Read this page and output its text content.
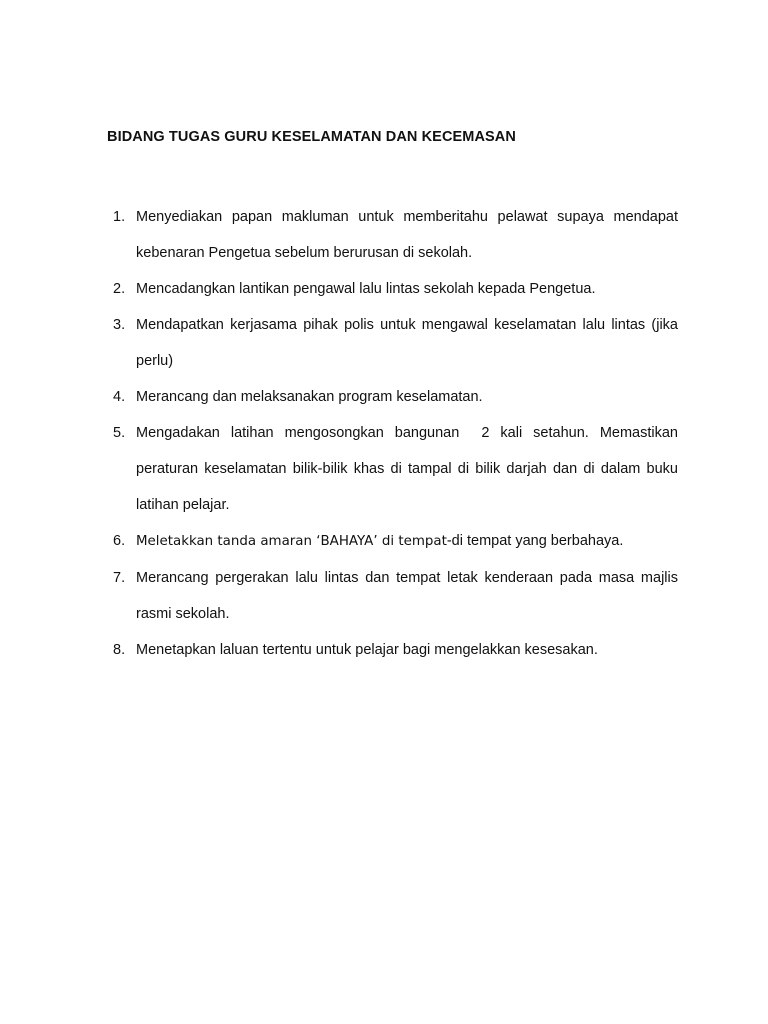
BIDANG TUGAS GURU KESELAMATAN DAN KECEMASAN
1. Menyediakan papan makluman untuk memberitahu pelawat supaya mendapat kebenaran Pengetua sebelum berurusan di sekolah.
2. Mencadangkan lantikan pengawal lalu lintas sekolah kepada Pengetua.
3. Mendapatkan kerjasama pihak polis untuk mengawal keselamatan lalu lintas (jika perlu)
4. Merancang dan melaksanakan program keselamatan.
5. Mengadakan latihan mengosongkan bangunan  2 kali setahun. Memastikan peraturan keselamatan bilik-bilik khas di tampal di bilik darjah dan di dalam buku latihan pelajar.
6. Meletakkan tanda amaran ‘BAHAYA’ di tempat-di tempat yang berbahaya.
7. Merancang pergerakan lalu lintas dan tempat letak kenderaan pada masa majlis rasmi sekolah.
8. Menetapkan laluan tertentu untuk pelajar bagi mengelakkan kesesakan.
